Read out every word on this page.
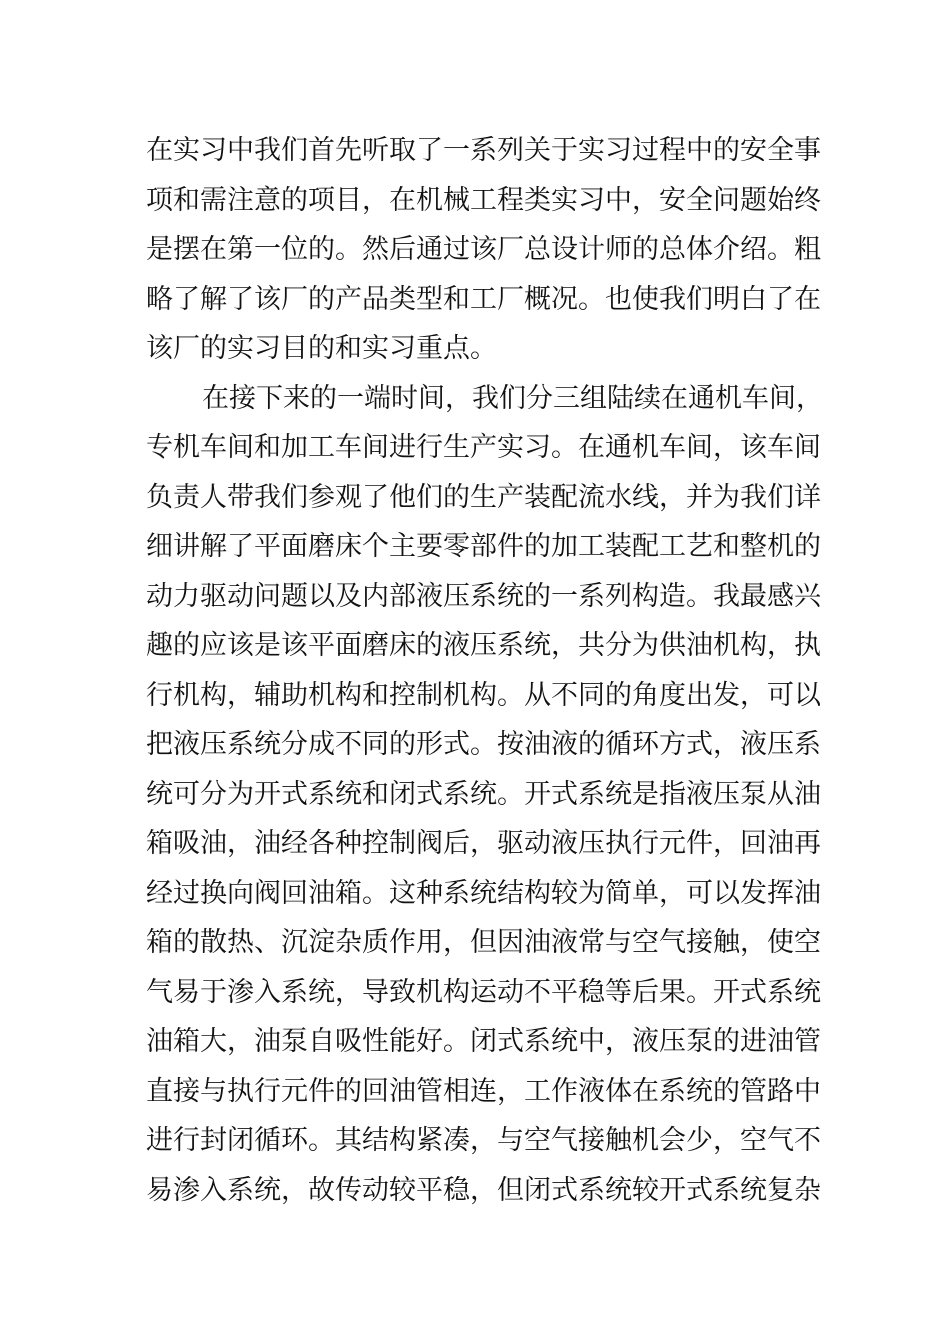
在实习中我们首先听取了一系列关于实习过程中的安全事
项和需注意的项目，在机械工程类实习中，安全问题始终
是摆在第一位的。然后通过该厂总设计师的总体介绍。粗
略了解了该厂的产品类型和工厂概况。也使我们明白了在
该厂的实习目的和实习重点。
在接下来的一端时间，我们分三组陆续在通机车间，
专机车间和加工车间进行生产实习。在通机车间，该车间
负责人带我们参观了他们的生产装配流水线，并为我们详
细讲解了平面磨床个主要零部件的加工装配工艺和整机的
动力驱动问题以及内部液压系统的一系列构造。我最感兴
趣的应该是该平面磨床的液压系统，共分为供油机构，执
行机构，辅助机构和控制机构。从不同的角度出发，可以
把液压系统分成不同的形式。按油液的循环方式，液压系
统可分为开式系统和闭式系统。开式系统是指液压泵从油
箱吸油，油经各种控制阀后，驱动液压执行元件，回油再
经过换向阀回油箱。这种系统结构较为简单，可以发挥油
箱的散热、沉淀杂质作用，但因油液常与空气接触，使空
气易于渗入系统，导致机构运动不平稳等后果。开式系统
油箱大，油泵自吸性能好。闭式系统中，液压泵的进油管
直接与执行元件的回油管相连，工作液体在系统的管路中
进行封闭循环。其结构紧凑，与空气接触机会少，空气不
易渗入系统，故传动较平稳，但闭式系统较开式系统复杂
